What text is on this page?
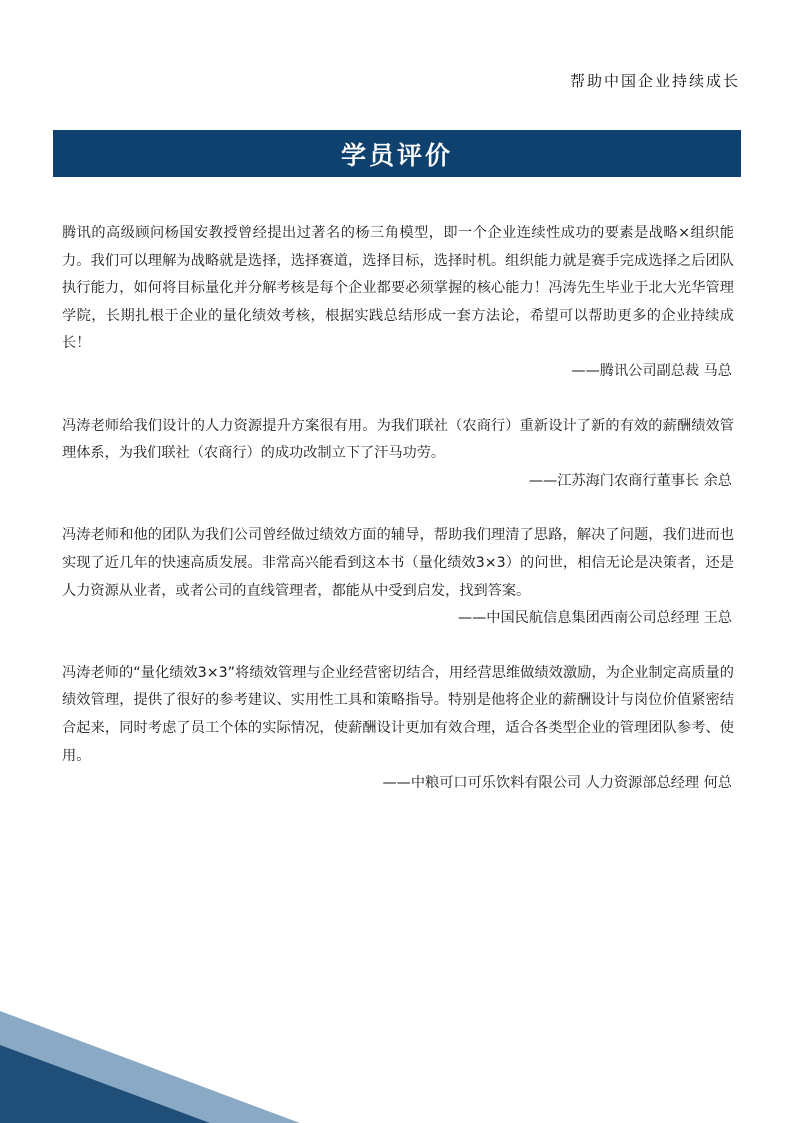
帮助中国企业持续成长
学员评价

腾讯的高级顾问杨国安教授曾经提出过著名的杨三角模型，即一个企业连续性成功的要素是战略×组织能力。我们可以理解为战略就是选择，选择赛道，选择目标，选择时机。组织能力就是赛手完成选择之后团队执行能力，如何将目标量化并分解考核是每个企业都要必须掌握的核心能力！冯涛先生毕业于北大光华管理学院，长期扎根于企业的量化绩效考核，根据实践总结形成一套方法论，希望可以帮助更多的企业持续成长！

——腾讯公司副总裁 马总

冯涛老师给我们设计的人力资源提升方案很有用。为我们联社（农商行）重新设计了新的有效的薪酬绩效管理体系，为我们联社（农商行）的成功改制立下了汗马功劳。

——江苏海门农商行董事长 余总

冯涛老师和他的团队为我们公司曾经做过绩效方面的辅导，帮助我们理清了思路，解决了问题，我们进而也实现了近几年的快速高质发展。非常高兴能看到这本书（量化绩效3×3）的问世，相信无论是决策者，还是人力资源从业者，或者公司的直线管理者，都能从中受到启发，找到答案。

——中国民航信息集团西南公司总经理 王总

冯涛老师的“量化绩效3×3”将绩效管理与企业经营密切结合，用经营思维做绩效激励，为企业制定高质量的绩效管理，提供了很好的参考建议、实用性工具和策略指导。特别是他将企业的薪酬设计与岗位价值紧密结合起来，同时考虑了员工个体的实际情况，使薪酬设计更加有效合理，适合各类型企业的管理团队参考、使用。

——中粮可口可乐饮料有限公司 人力资源部总经理 何总
